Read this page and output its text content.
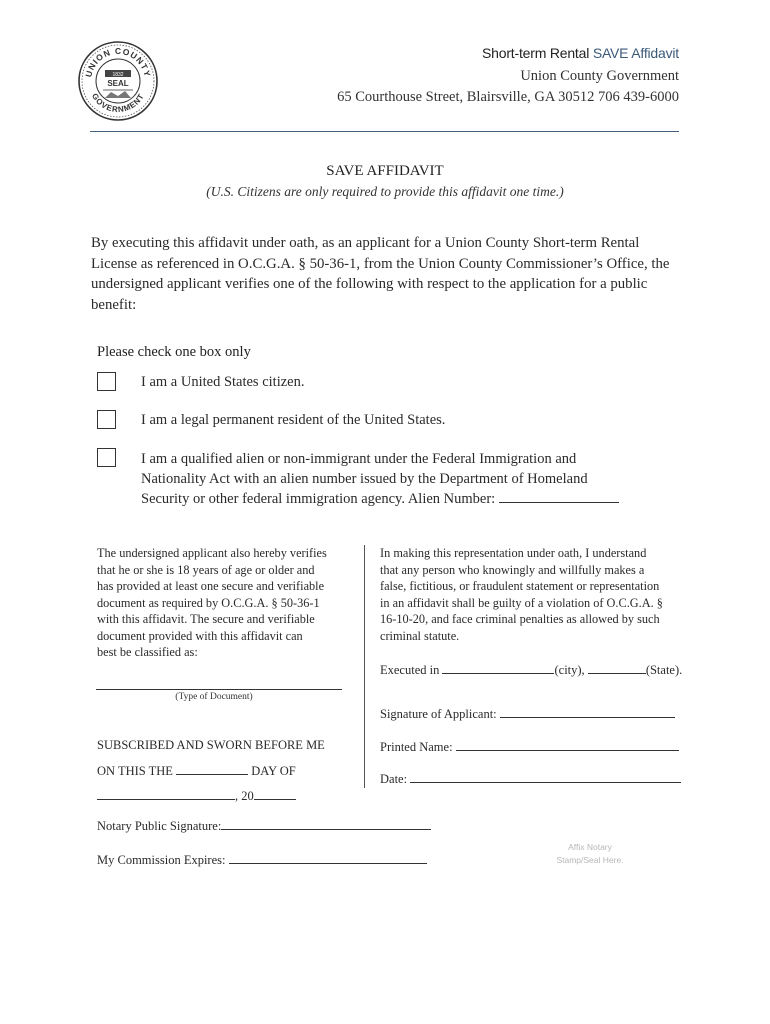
UNION COUNTY
GOVERNMENT
1832
SEAL
Short-term Rental SAVE Affidavit
Union County Government
65 Courthouse Street, Blairsville, GA 30512 706 439-6000
SAVE AFFIDAVIT
(U.S. Citizens are only required to provide this affidavit one time.)
By executing this affidavit under oath, as an applicant for a Union County Short-term Rental
License as referenced in O.C.G.A. § 50-36-1, from the Union County Commissioner’s Office, the
undersigned applicant verifies one of the following with respect to the application for a public
benefit:
Please check one box only
I am a United States citizen.
I am a legal permanent resident of the United States.
I am a qualified alien or non-immigrant under the Federal Immigration and
Nationality Act with an alien number issued by the Department of Homeland
Security or other federal immigration agency. Alien Number:
The undersigned applicant also hereby verifies
that he or she is 18 years of age or older and
has provided at least one secure and verifiable
document as required by O.C.G.A. § 50-36-1
with this affidavit. The secure and verifiable
document provided with this affidavit can
best be classified as:
(Type of Document)
SUBSCRIBED AND SWORN BEFORE ME
ON THIS THE	DAY OF
, 20
In making this representation under oath, I understand
that any person who knowingly and willfully makes a
false, fictitious, or fraudulent statement or representation
in an affidavit shall be guilty of a violation of O.C.G.A. §
16-10-20, and face criminal penalties as allowed by such
criminal statute.
Executed in	(city),	(State).
Signature of Applicant:
Printed Name:
Date:
Notary Public Signature:
My Commission Expires:
Affix Notary
Stamp/Seal Here.
